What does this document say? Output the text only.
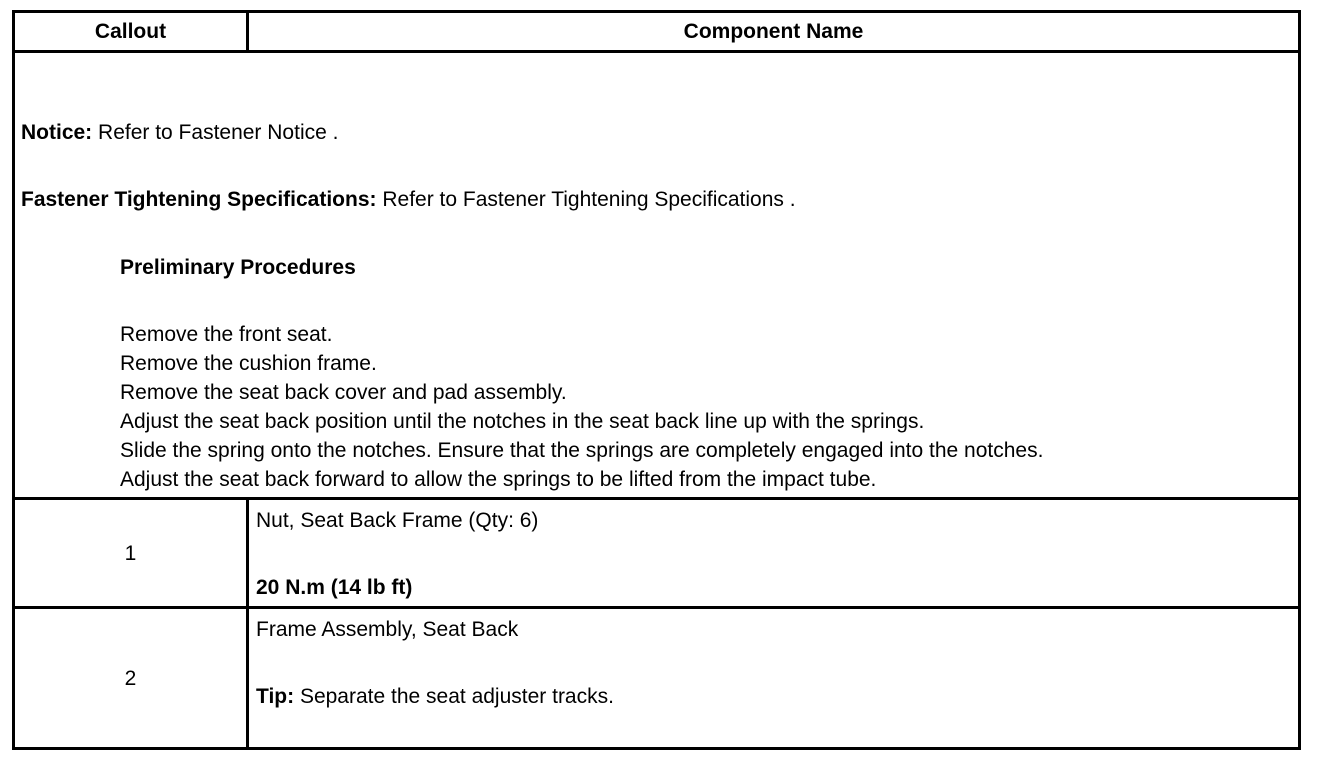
Callout	Component Name
Notice: Refer to Fastener Notice .
Fastener Tightening Specifications: Refer to Fastener Tightening Specifications .
Preliminary Procedures
Remove the front seat.
Remove the cushion frame.
Remove the seat back cover and pad assembly.
Adjust the seat back position until the notches in the seat back line up with the springs.
Slide the spring onto the notches. Ensure that the springs are completely engaged into the notches.
Adjust the seat back forward to allow the springs to be lifted from the impact tube.
1
Nut, Seat Back Frame (Qty: 6)
20 N.m (14 lb ft)
2
Frame Assembly, Seat Back
Tip: Separate the seat adjuster tracks.
